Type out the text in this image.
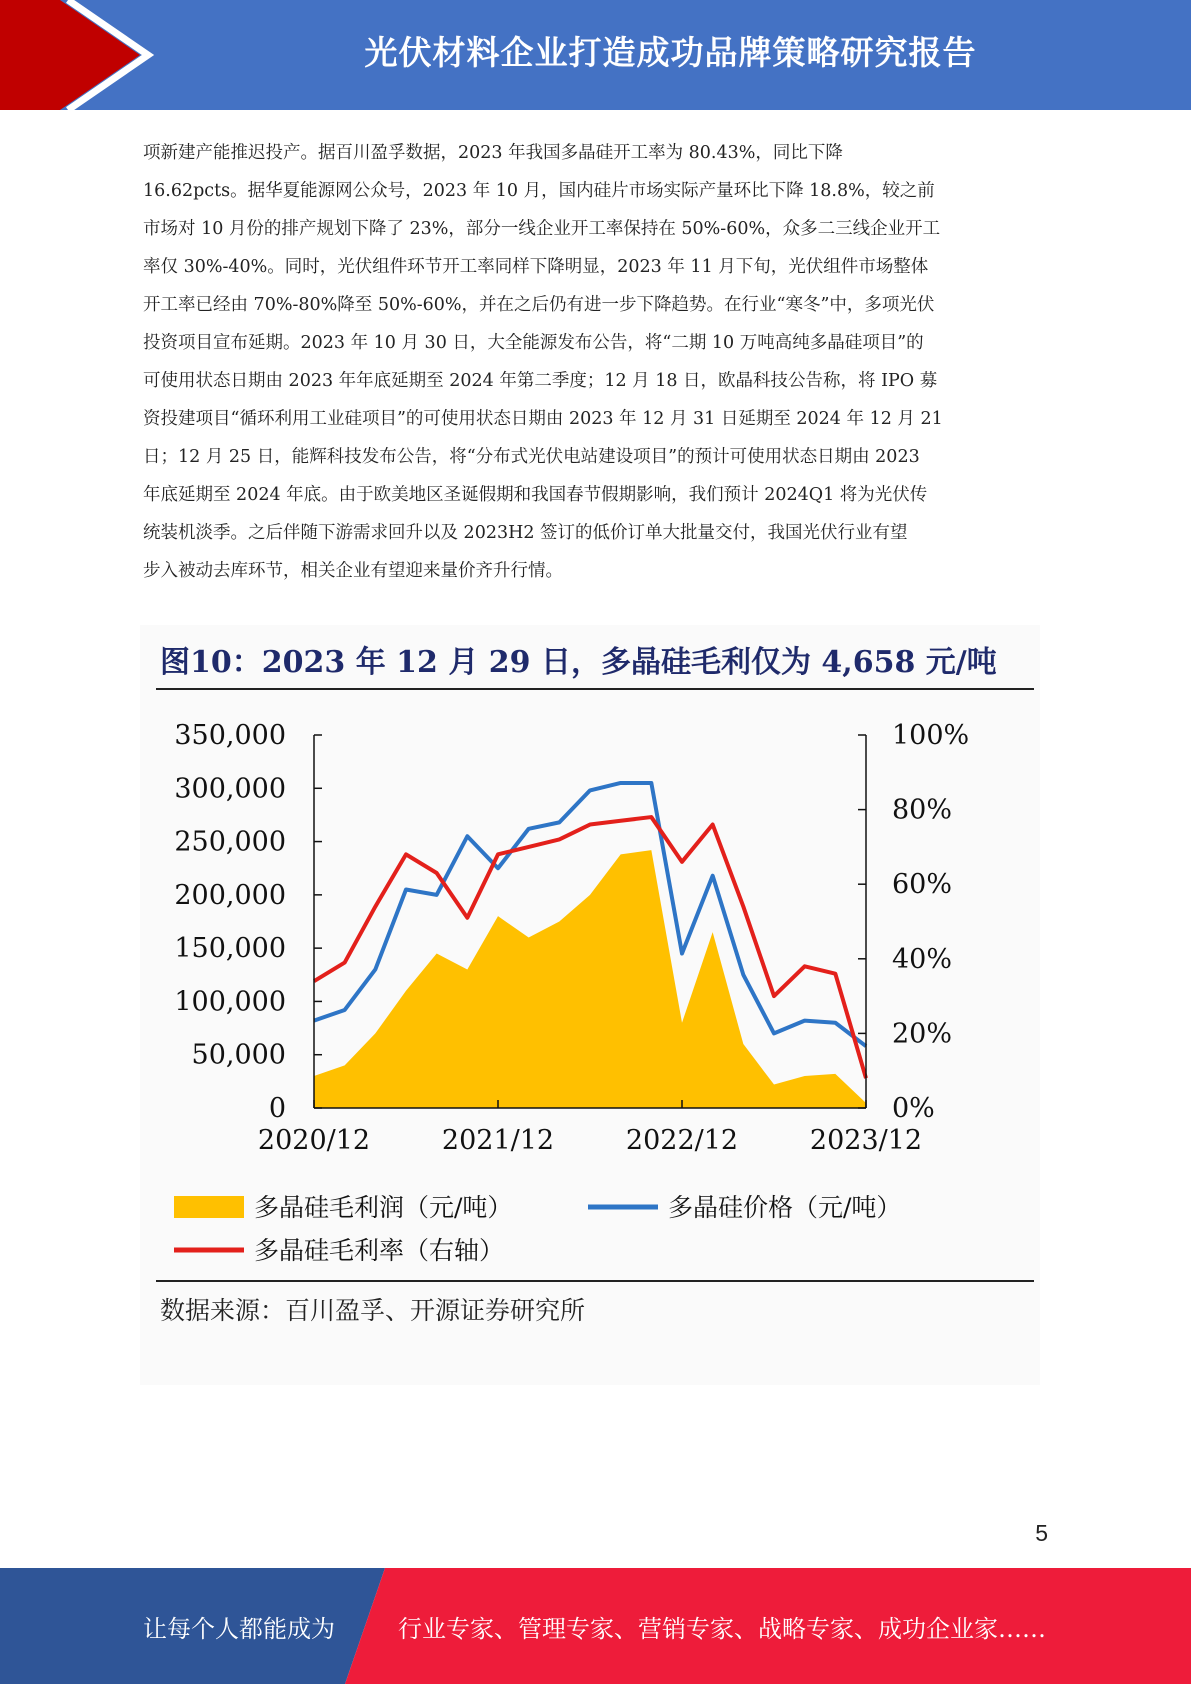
光伏材料企业打造成功品牌策略研究报告
项新建产能推迟投产。据百川盈孚数据，2023 年我国多晶硅开工率为 80.43%，同比下降
16.62pcts。据华夏能源网公众号，2023 年 10 月，国内硅片市场实际产量环比下降 18.8%，较之前
市场对 10 月份的排产规划下降了 23%，部分一线企业开工率保持在 50%-60%，众多二三线企业开工
率仅 30%-40%。同时，光伏组件环节开工率同样下降明显，2023 年 11 月下旬，光伏组件市场整体
开工率已经由 70%-80%降至 50%-60%，并在之后仍有进一步下降趋势。在行业“寒冬”中，多项光伏
投资项目宣布延期。2023 年 10 月 30 日，大全能源发布公告，将“二期 10 万吨高纯多晶硅项目”的
可使用状态日期由 2023 年年底延期至 2024 年第二季度；12 月 18 日，欧晶科技公告称，将 IPO 募
资投建项目“循环利用工业硅项目”的可使用状态日期由 2023 年 12 月 31 日延期至 2024 年 12 月 21
日；12 月 25 日，能辉科技发布公告，将“分布式光伏电站建设项目”的预计可使用状态日期由 2023
年底延期至 2024 年底。由于欧美地区圣诞假期和我国春节假期影响，我们预计 2024Q1 将为光伏传
统装机淡季。之后伴随下游需求回升以及 2023H2 签订的低价订单大批量交付，我国光伏行业有望
步入被动去库环节，相关企业有望迎来量价齐升行情。
图10：2023 年 12 月 29 日，多晶硅毛利仅为 4,658 元/吨
350,000
300,000
250,000
200,000
150,000
100,000
50,000
0
100%
80%
60%
40%
20%
0%
2020/12	2021/12	2022/12	2023/12
多晶硅毛利润（元/吨）	多晶硅价格（元/吨）
多晶硅毛利率（右轴）
数据来源：百川盈孚、开源证券研究所
5
让每个人都能成为	行业专家、管理专家、营销专家、战略专家、成功企业家……
